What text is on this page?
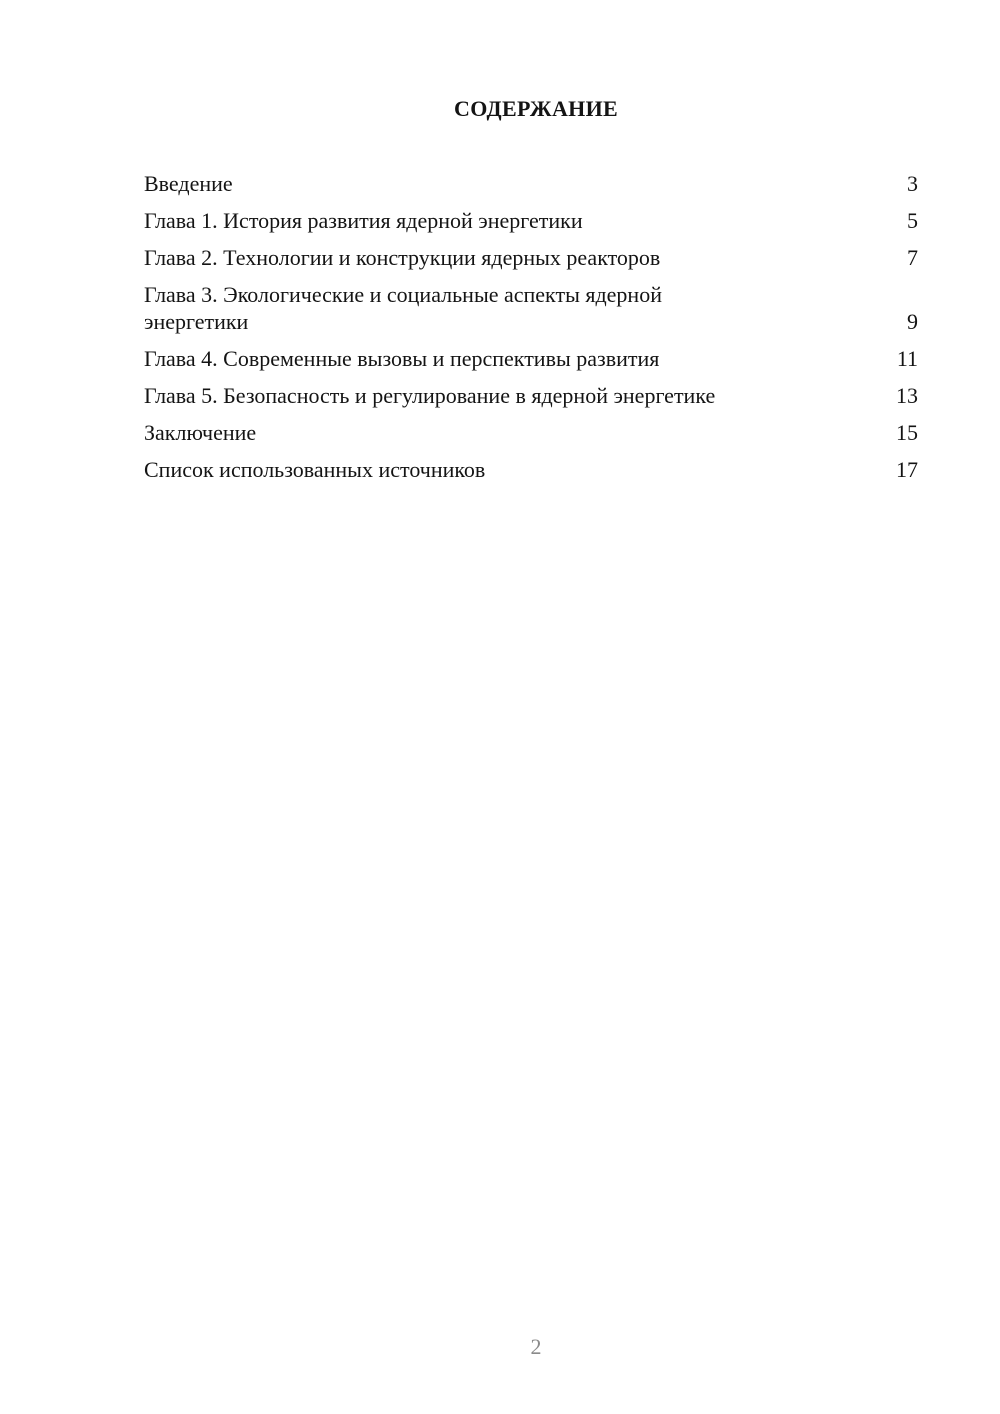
СОДЕРЖАНИЕ
Введение	3
Глава 1. История развития ядерной энергетики	5
Глава 2. Технологии и конструкции ядерных реакторов	7
Глава 3. Экологические и социальные аспекты ядерной энергетики	9
Глава 4. Современные вызовы и перспективы развития	11
Глава 5. Безопасность и регулирование в ядерной энергетике	13
Заключение	15
Список использованных источников	17
2
